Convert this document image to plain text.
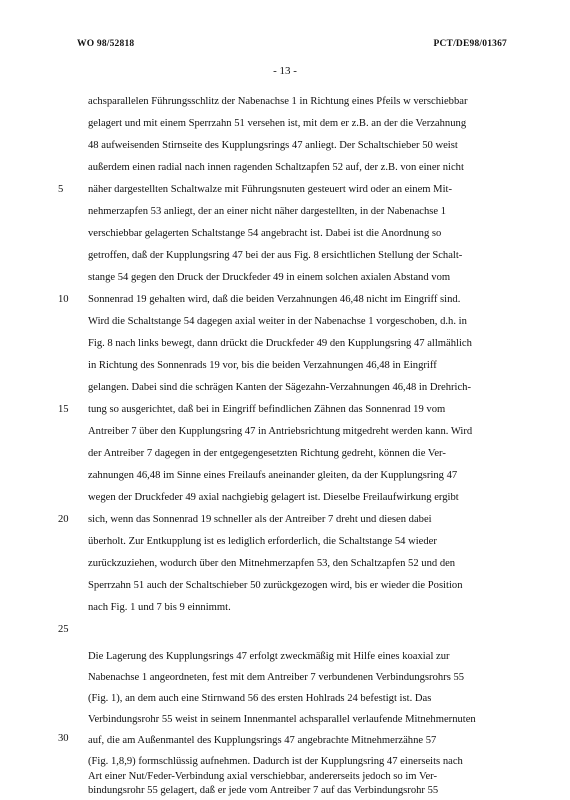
WO 98/52818	PCT/DE98/01367
- 13 -
achsparallelen Führungsschlitz der Nabenachse 1 in Richtung eines Pfeils w verschiebbar
gelagert und mit einem Sperrzahn 51 versehen ist, mit dem er z.B. an der die Verzahnung
48 aufweisenden Stirnseite des Kupplungsrings 47 anliegt. Der Schaltschieber 50 weist
außerdem einen radial nach innen ragenden Schaltzapfen 52 auf, der z.B. von einer nicht
näher dargestellten Schaltwalze mit Führungsnuten gesteuert wird oder an einem Mit-
nehmerzapfen 53 anliegt, der an einer nicht näher dargestellten, in der Nabenachse 1
verschiebbar gelagerten Schaltstange 54 angebracht ist. Dabei ist die Anordnung so
getroffen, daß der Kupplungsring 47 bei der aus Fig. 8 ersichtlichen Stellung der Schalt-
stange 54 gegen den Druck der Druckfeder 49 in einem solchen axialen Abstand vom
Sonnenrad 19 gehalten wird, daß die beiden Verzahnungen 46,48 nicht im Eingriff sind.
Wird die Schaltstange 54 dagegen axial weiter in der Nabenachse 1 vorgeschoben, d.h. in
Fig. 8 nach links bewegt, dann drückt die Druckfeder 49 den Kupplungsring 47 allmählich
in Richtung des Sonnenrads 19 vor, bis die beiden Verzahnungen 46,48 in Eingriff
gelangen. Dabei sind die schrägen Kanten der Sägezahn-Verzahnungen 46,48 in Drehrich-
tung so ausgerichtet, daß bei in Eingriff befindlichen Zähnen das Sonnenrad 19 vom
Antreiber 7 über den Kupplungsring 47 in Antriebsrichtung mitgedreht werden kann. Wird
der Antreiber 7 dagegen in der entgegengesetzten Richtung gedreht, können die Ver-
zahnungen 46,48 im Sinne eines Freilaufs aneinander gleiten, da der Kupplungsring 47
wegen der Druckfeder 49 axial nachgiebig gelagert ist. Dieselbe Freilaufwirkung ergibt
sich, wenn das Sonnenrad 19 schneller als der Antreiber 7 dreht und diesen dabei
überholt. Zur Entkupplung ist es lediglich erforderlich, die Schaltstange 54 wieder
zurückzuziehen, wodurch über den Mitnehmerzapfen 53, den Schaltzapfen 52 und den
Sperrzahn 51 auch der Schaltschieber 50 zurückgezogen wird, bis er wieder die Position
nach Fig. 1 und 7 bis 9 einnimmt.
Die Lagerung des Kupplungsrings 47 erfolgt zweckmäßig mit Hilfe eines koaxial zur
Nabenachse 1 angeordneten, fest mit dem Antreiber 7 verbundenen Verbindungsrohrs 55
(Fig. 1), an dem auch eine Stirnwand 56 des ersten Hohlrads 24 befestigt ist. Das
Verbindungsrohr 55 weist in seinem Innenmantel achsparallel verlaufende Mitnehmernuten
auf, die am Außenmantel des Kupplungsrings 47 angebrachte Mitnehmerzähne 57
(Fig. 1,8,9) formschlüssig aufnehmen. Dadurch ist der Kupplungsring 47 einerseits nach
Art einer Nut/Feder-Verbindung axial verschiebbar, andererseits jedoch so im Ver-
bindungsrohr 55 gelagert, daß er jede vom Antreiber 7 auf das Verbindungsrohr 55
5
10
15
20
25
30
